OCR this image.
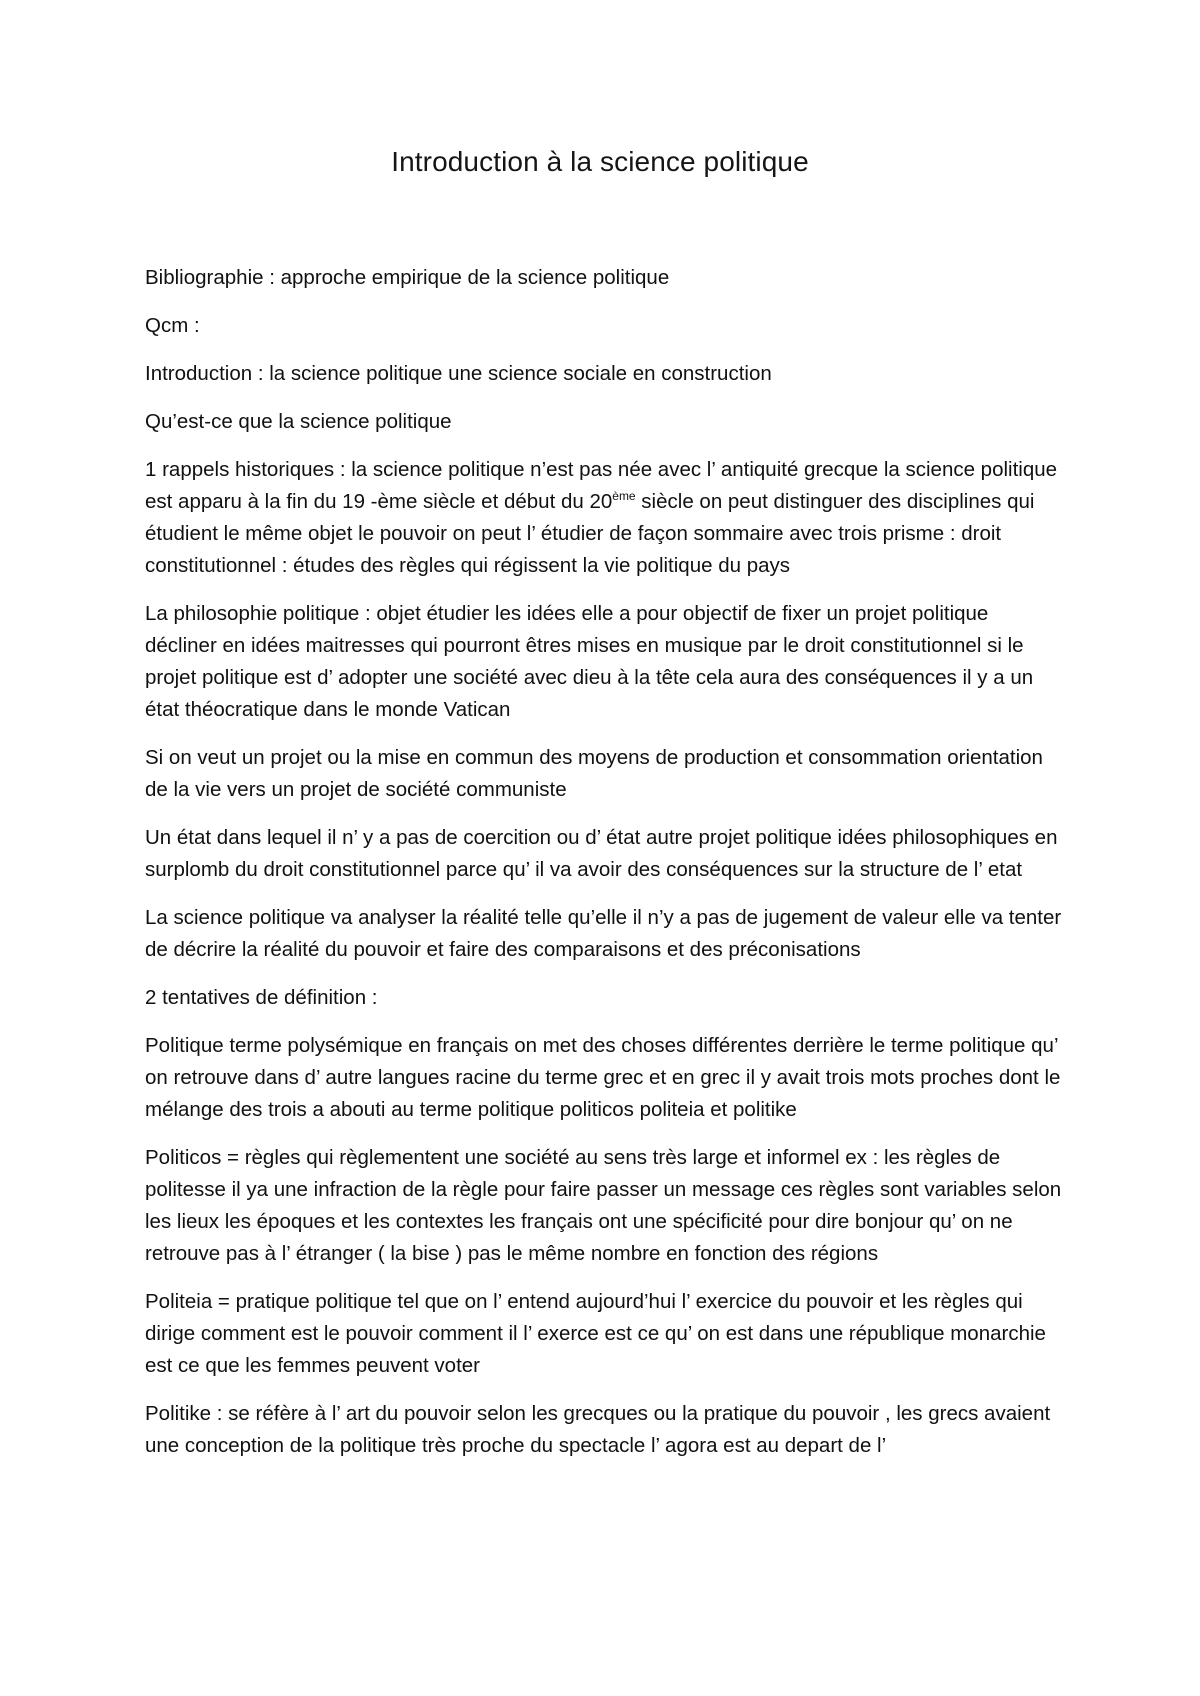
Introduction à la science politique

Bibliographie : approche empirique de la science politique

Qcm :

Introduction : la science politique une science sociale en construction

Qu’est-ce que la science politique

1 rappels historiques : la science politique n’est pas née avec l’ antiquité grecque la science politique est apparu à la fin du 19 -ème siècle et début du 20ème siècle on peut distinguer des disciplines qui étudient le même objet le pouvoir on peut l’ étudier de façon sommaire avec trois prisme : droit constitutionnel : études des règles qui régissent la vie politique du pays

La philosophie politique : objet étudier les idées elle a pour objectif de fixer un projet politique décliner en idées maitresses qui pourront êtres mises en musique par le droit constitutionnel si le projet politique est d’ adopter une société avec dieu à la tête cela aura des conséquences il y a un état théocratique dans le monde Vatican

Si on veut un projet ou la mise en commun des moyens de production et consommation orientation de la vie vers un projet de société communiste

Un état dans lequel il n’ y a pas de coercition ou d’ état autre projet politique idées philosophiques en surplomb du droit constitutionnel parce qu’ il va avoir des conséquences sur la structure de l’ etat

La science politique va analyser la réalité telle qu’elle il n’y a pas de jugement de valeur elle va tenter de décrire la réalité du pouvoir et faire des comparaisons et des préconisations

2 tentatives de définition :

Politique terme polysémique en français on met des choses différentes derrière le terme politique qu’ on retrouve dans d’ autre langues racine du terme grec et en grec il y avait trois mots proches dont le mélange des trois a abouti au terme politique politicos politeia et politike

Politicos = règles qui règlementent une société au sens très large et informel ex : les règles de politesse il ya une infraction de la règle pour faire passer un message ces règles sont variables selon les lieux les époques et les contextes les français ont une spécificité pour dire bonjour qu’ on ne retrouve pas à l’ étranger ( la bise ) pas le même nombre en fonction des régions

Politeia = pratique politique tel que on l’ entend aujourd’hui l’ exercice du pouvoir et les règles qui dirige comment est le pouvoir comment il l’ exerce est ce qu’ on est dans une république monarchie est ce que les femmes peuvent voter

Politike : se réfère à l’ art du pouvoir selon les grecques ou la pratique du pouvoir , les grecs avaient une conception de la politique très proche du spectacle l’ agora est au depart de l’
